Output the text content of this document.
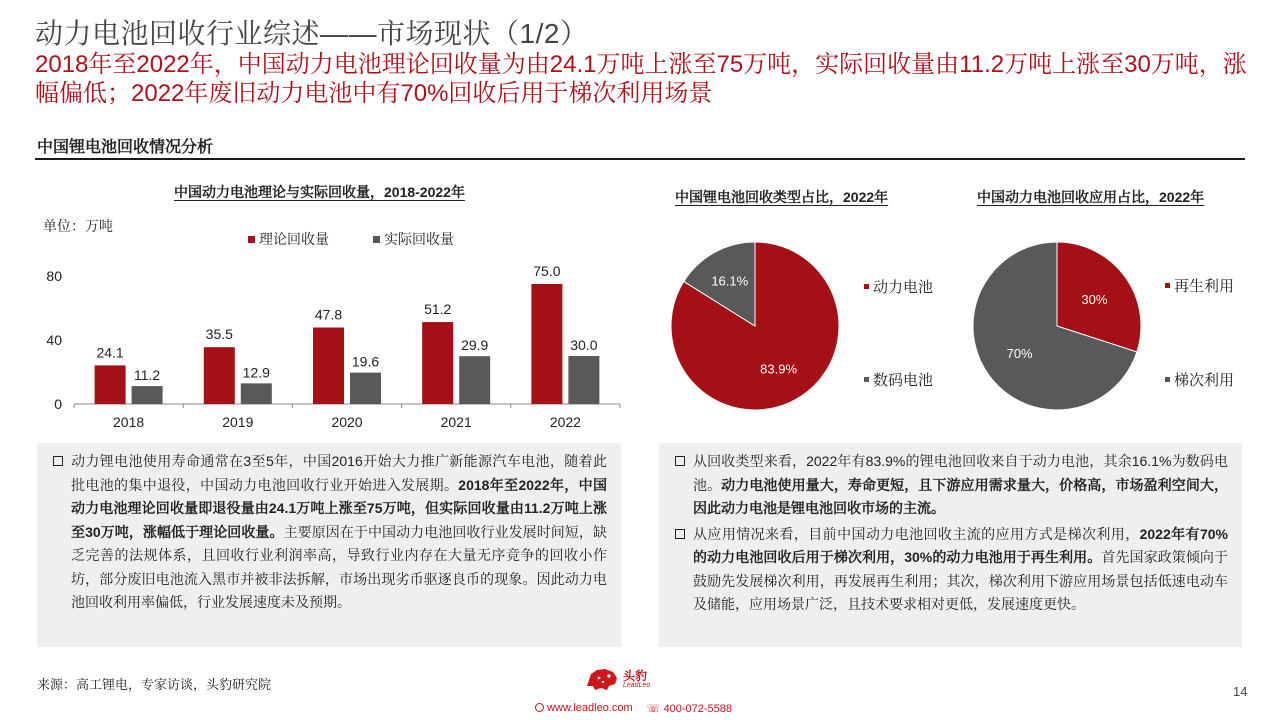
动力电池回收行业综述——市场现状（1/2）
2018年至2022年，中国动力电池理论回收量为由24.1万吨上涨至75万吨，实际回收量由11.2万吨上涨至30万吨，涨幅偏低；2022年废旧动力电池中有70%回收后用于梯次利用场景
中国锂电池回收情况分析
中国动力电池理论与实际回收量，2018-2022年
单位：万吨
理论回收量	实际回收量
0
40
80
2018
24.1
11.2
2019
35.5
12.9
2020
47.8
19.6
2021
51.2
29.9
2022
75.0
30.0
中国锂电池回收类型占比，2022年
83.9%
16.1%	动力电池
数码电池
中国动力电池回收应用占比，2022年
30%
70%
再生利用
梯次利用

动力锂电池使用寿命通常在3至5年，中国2016开始大力推广新能源汽车电池，随着此批电池的集中退役，中国动力电池回收行业开始进入发展期。2018年至2022年，中国动力电池理论回收量即退役量由24.1万吨上涨至75万吨，但实际回收量由11.2万吨上涨至30万吨，涨幅低于理论回收量。主要原因在于中国动力电池回收行业发展时间短，缺乏完善的法规体系，且回收行业利润率高，导致行业内存在大量无序竞争的回收小作坊，部分废旧电池流入黑市并被非法拆解，市场出现劣币驱逐良币的现象。因此动力电池回收利用率偏低，行业发展速度未及预期。

从回收类型来看，2022年有83.9%的锂电池回收来自于动力电池，其余16.1%为数码电池。动力电池使用量大，寿命更短，且下游应用需求量大，价格高，市场盈利空间大，因此动力电池是锂电池回收市场的主流。

从应用情况来看，目前中国动力电池回收主流的应用方式是梯次利用，2022年有70%的动力电池回收后用于梯次利用，30%的动力电池用于再生利用。首先国家政策倾向于鼓励先发展梯次利用，再发展再生利用；其次，梯次利用下游应用场景包括低速电动车及储能，应用场景广泛，且技术要求相对更低，发展速度更快。

来源：高工锂电，专家访谈，头豹研究院
头豹
LeadLeo
www.leadleo.com ☏ 400-072-5588
14
